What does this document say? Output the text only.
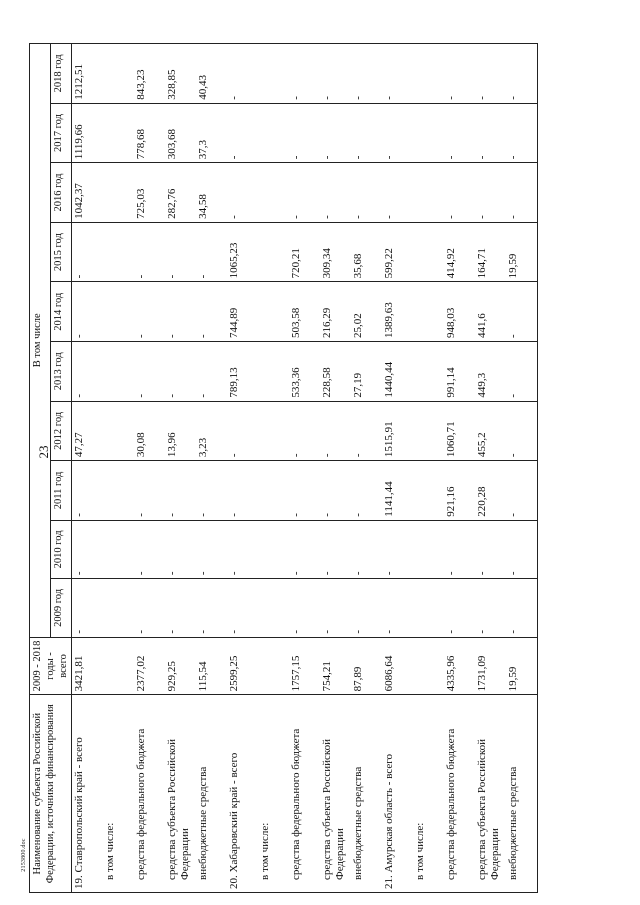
23
2153800.doc Наименование субъекта Российской Федерации, источники финансирования	2009 - 2018 годы - всего	В том числе									
		2009 год	2010 год	2011 год	2012 год	2013 год	2014 год	2015 год	2016 год	2017 год	2018 год
19. Ставропольский край - всего	3421,81	-	-	-	47,27	-	-	-	1042,37	1119,66	1212,51
в том числе:											
средства федерального бюджета	2377,02	-	-	-	30,08	-	-	-	725,03	778,68	843,23
средства субъекта Российской Федерации	929,25	-	-	-	13,96	-	-	-	282,76	303,68	328,85
внебюджетные средства	115,54	-	-	-	3,23	-	-	-	34,58	37,3	40,43
20. Хабаровский край - всего	2599,25	-	-	-	-	789,13	744,89	1065,23	-	-	-
в том числе:											
средства федерального бюджета	1757,15	-	-	-	-	533,36	503,58	720,21	-	-	-
средства субъекта Российской Федерации	754,21	-	-	-	-	228,58	216,29	309,34	-	-	-
внебюджетные средства	87,89	-	-	-	-	27,19	25,02	35,68	-	-	-
21. Амурская область - всего	6086,64	-	-	1141,44	1515,91	1440,44	1389,63	599,22	-	-	-
в том числе:											
средства федерального бюджета	4335,96	-	-	921,16	1060,71	991,14	948,03	414,92	-	-	-
средства субъекта Российской Федерации	1731,09	-	-	220,28	455,2	449,3	441,6	164,71	-	-	-
внебюджетные средства	19,59	-	-	-	-	-	-	19,59	-	-	-
